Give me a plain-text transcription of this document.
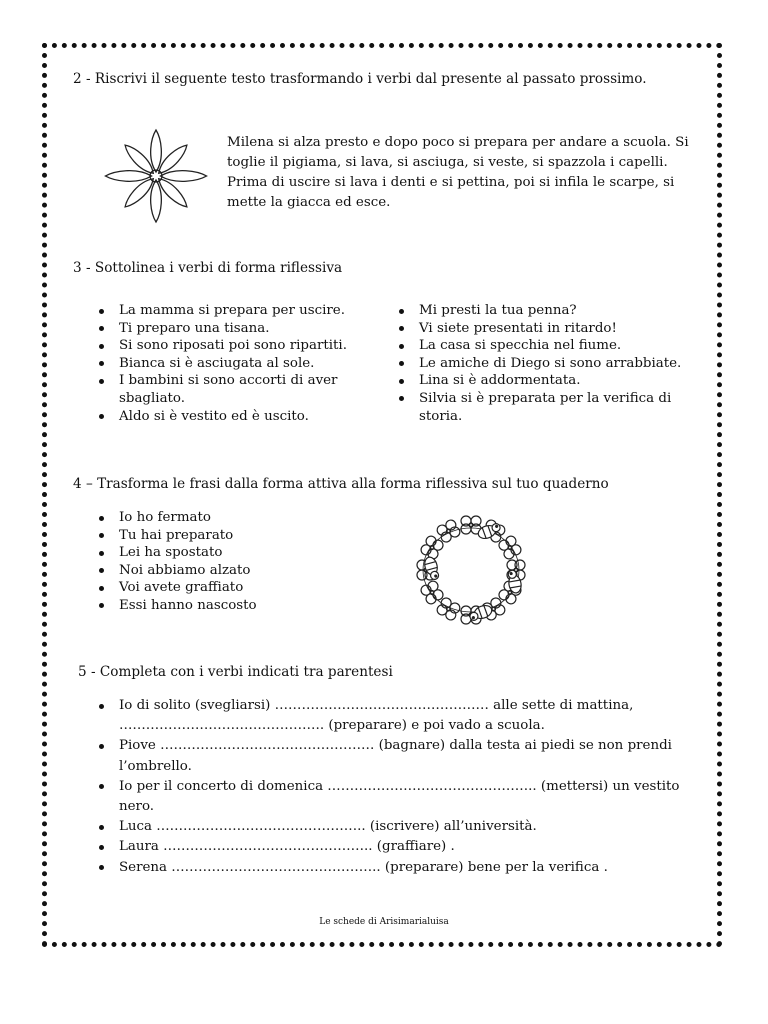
2 - Riscrivi il seguente testo trasformando i verbi dal presente al passato prossimo.
Milena si alza presto e dopo poco si prepara per andare a scuola. Si toglie il pigiama, si lava, si asciuga, si veste, si spazzola i capelli. Prima di uscire si lava i denti e si pettina, poi si infila le scarpe, si mette la giacca ed esce.
3 - Sottolinea i verbi di forma riflessiva
La mamma si prepara per uscire.
Ti preparo una tisana.
Si sono riposati poi sono ripartiti.
Bianca si è asciugata al sole.
I bambini si sono accorti di aver sbagliato.
Aldo si è vestito ed è uscito.
Mi presti la tua penna?
Vi siete presentati in ritardo!
La casa si specchia nel fiume.
Le amiche di Diego si sono arrabbiate.
Lina si è addormentata.
Silvia si è preparata per la verifica di storia.
4 – Trasforma le frasi dalla forma attiva alla forma riflessiva sul tuo quaderno
Io ho fermato
Tu hai preparato
Lei ha spostato
Noi abbiamo alzato
Voi avete graffiato
Essi hanno nascosto
5 - Completa con i verbi indicati tra parentesi
Io di solito (svegliarsi) ………………………………………… alle sette di mattina, ………………………………………. (preparare) e poi vado a scuola.
Piove ………………………………………… (bagnare) dalla testa ai piedi se non prendi l’ombrello.
Io per il concerto di domenica ……………………………………….. (mettersi) un vestito nero.
Luca ……………………………………….. (iscrivere) all’università.
Laura ……………………………………….. (graffiare) .
Serena ……………………………………….. (preparare) bene per la verifica .
Le schede di Arisimarialuisa
